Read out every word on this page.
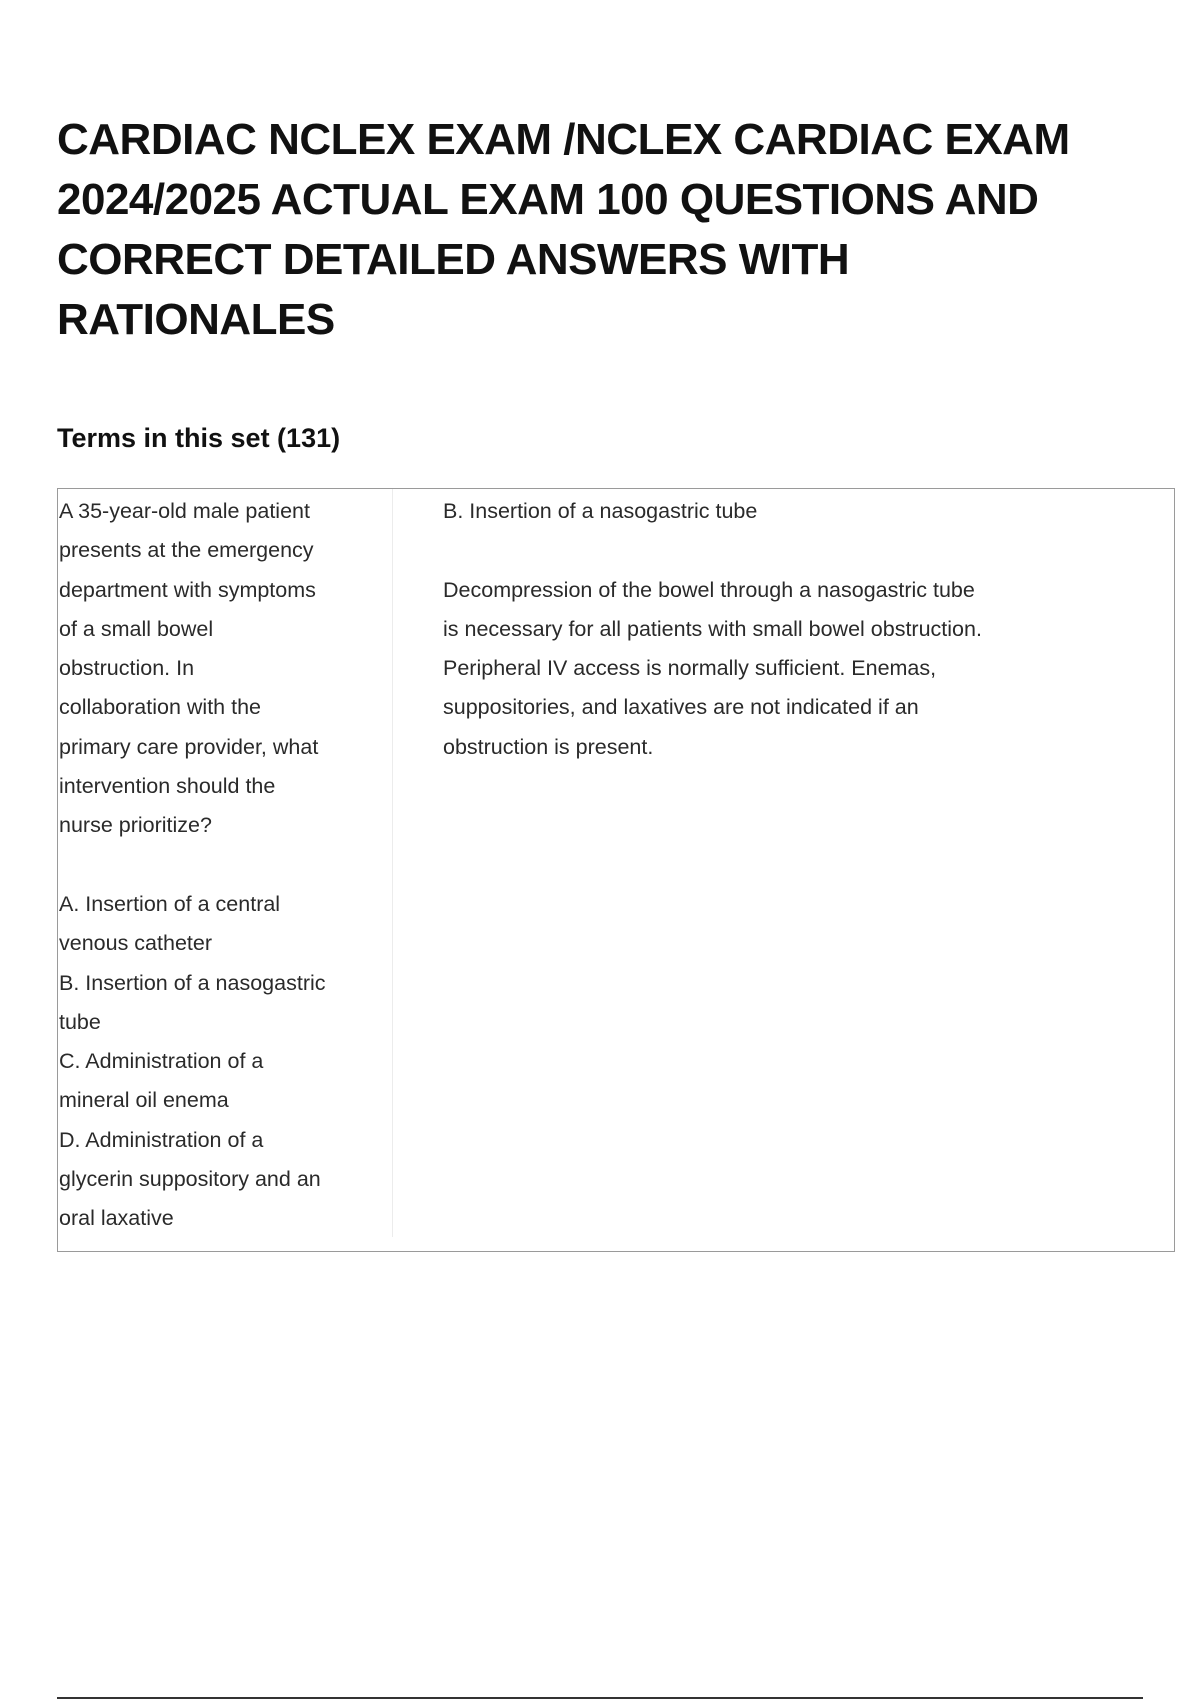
CARDIAC NCLEX EXAM /NCLEX CARDIAC EXAM
2024/2025 ACTUAL EXAM 100 QUESTIONS AND
CORRECT DETAILED ANSWERS WITH
RATIONALES
Terms in this set (131)
A 35-year-old male patient
presents at the emergency
department with symptoms
of a small bowel
obstruction. In
collaboration with the
primary care provider, what
intervention should the
nurse prioritize?
A. Insertion of a central
venous catheter
B. Insertion of a nasogastric
tube
C. Administration of a
mineral oil enema
D. Administration of a
glycerin suppository and an
oral laxative
B. Insertion of a nasogastric tube
Decompression of the bowel through a nasogastric tube
is necessary for all patients with small bowel obstruction.
Peripheral IV access is normally sufficient. Enemas,
suppositories, and laxatives are not indicated if an
obstruction is present.
